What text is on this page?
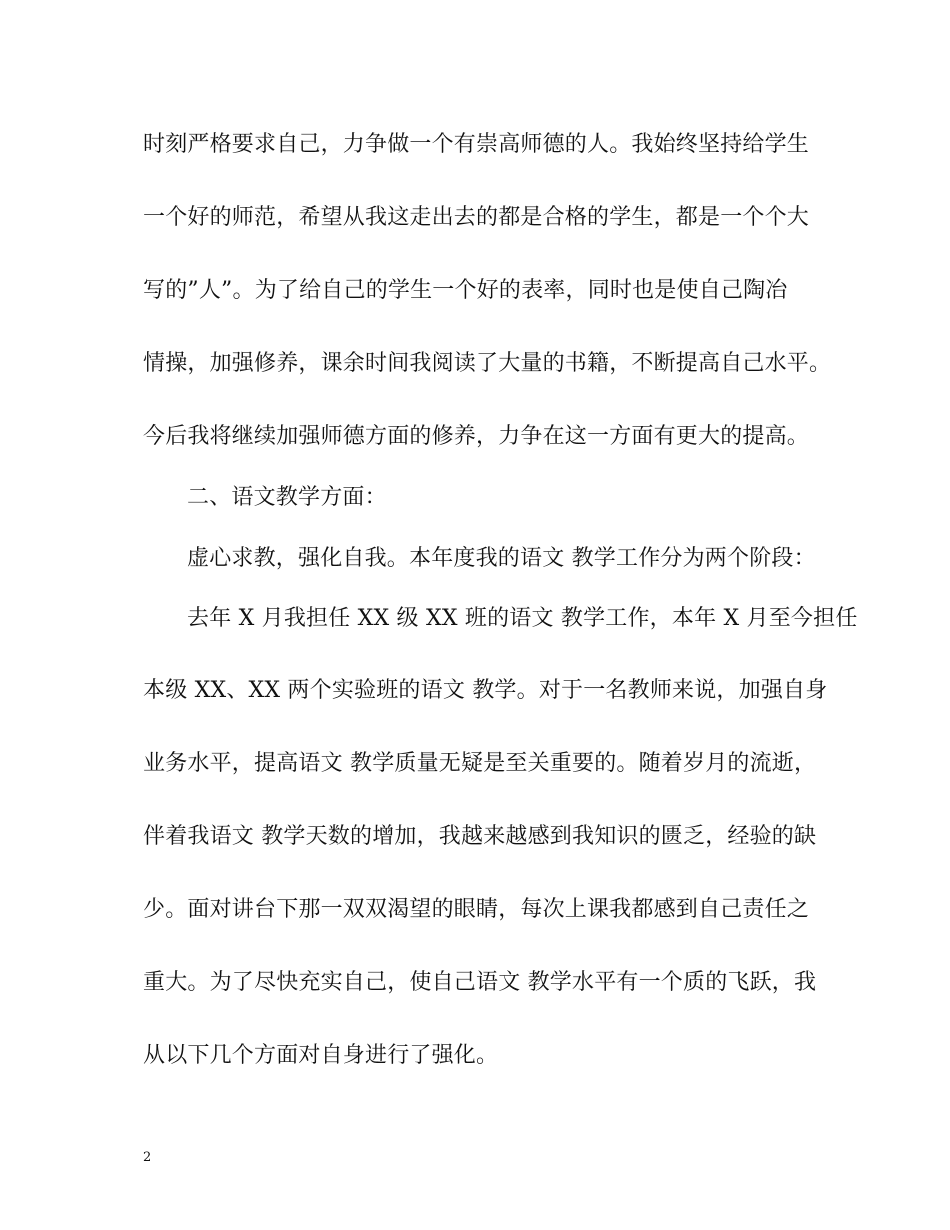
时刻严格要求自己，力争做一个有崇高师德的人。我始终坚持给学生
一个好的师范，希望从我这走出去的都是合格的学生，都是一个个大
写的”人”。为了给自己的学生一个好的表率，同时也是使自己陶冶
情操，加强修养，课余时间我阅读了大量的书籍，不断提高自己水平。
今后我将继续加强师德方面的修养，力争在这一方面有更大的提高。
二、语文教学方面：
虚心求教，强化自我。本年度我的语文 教学工作分为两个阶段：
去年 X 月我担任 XX 级 XX 班的语文 教学工作，本年 X 月至今担任
本级 XX、XX 两个实验班的语文 教学。对于一名教师来说，加强自身
业务水平，提高语文 教学质量无疑是至关重要的。随着岁月的流逝，
伴着我语文 教学天数的增加，我越来越感到我知识的匮乏，经验的缺
少。面对讲台下那一双双渴望的眼睛，每次上课我都感到自己责任之
重大。为了尽快充实自己，使自己语文 教学水平有一个质的飞跃，我
从以下几个方面对自身进行了强化。
2
